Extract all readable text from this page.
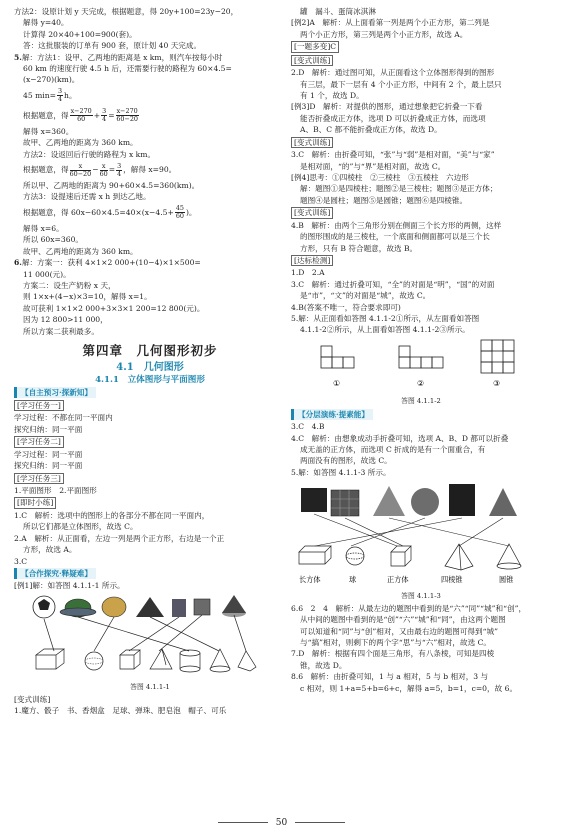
方法2：设原计划 y 天完成，根据题意，得 20y+100=23y−20，
解得 y=40。
计算得 20×40+100=900(套)。
答：这批服装的订单有 900 套，原计划 40 天完成。
5.解：方法1：设甲、乙两地的距离是 x km，则汽车按每小时
60 km 的速度行驶 4.5 h 后，还需要行驶的路程为 60×4.5=
(x−270)(km)。
45 $\min= \frac{3}{4}$ h。
根据题意，得 $\frac{x-270}{60} + \frac{3}{4} = \frac{x-270}{60-20}$
解得 x=360。
故甲、乙两地的距离为 360 km。
方法2：设返回后行驶的路程为 x km。
根据题意，得 $\frac{x}{60-20} - \frac{x}{60} = \frac{3}{4}$ ，解得 x=90。
所以甲、乙两地的距离为 90+60×4.5=360(km)。
方法3：设提速后还需 x h 到达乙地。
根据题意，得 $60x-60\times 4.5=40\times(x-4.5+ \frac{45}{60}$ )。
解得 x=6。
所以 60x=360。
故甲、乙两地的距离为 360 km。
6.解：方案一：获利 4×1×2 000+(10−4)×1×500=
11 000(元)。
方案二：设生产奶粉 x 天，
则 1×x+(4−x)×3=10，解得 x=1。
故可获利 1×1×2 000+3×3×1 200=12 800(元)。
因为 12 800>11 000，
所以方案二获利最多。
第四章　几何图形初步
4.1　几何图形
4.1.1　立体图形与平面图形
【自主预习·探新知】
[学习任务一]
学习过程：不都在同一平面内
探究归纳：同一平面
[学习任务二]
学习过程：同一平面
探究归纳：同一平面
[学习任务三]
1.平面图形　2.平面图形
[即时小练]
1.C　解析：选项中的图形上的各部分不都在同一平面内，
所以它们都是立体图形，故选 C。
2.A　解析：从正面看，左边一列是两个正方形，右边是一个正
方形，故选 A。
3.C
【合作探究·释疑难】
[例1]解：如答图 4.1.1-1 所示。
答图 4.1.1-1
[变式训练]
1.魔方、骰子　书、香烟盒　足球、弹珠、肥皂泡　帽子、可乐
罐　漏斗、蛋筒冰淇淋
[例2]A　解析：从上面看第一列是两个小正方形，第二列是
两个小正方形，第三列是两个小正方形，故选 A。
[一题多变]C
[变式训练]
2.D　解析：通过图可知，从正面看这个立体图形得到的图形
有三层，最下一层有 4 个小正方形，中间有 2 个，最上层只
有 1 个，故选 D。
[例3]D　解析：对提供的图形，通过想象把它折叠一下看
能否折叠成正方体，选项 D 可以折叠成正方体，而选项
A、B、C 都不能折叠成正方体，故选 D。
[变式训练]
3.C　解析：由折叠可知，“张”与“弱”是相对面，“美”与“家”
是相对面，“的”与“界”是相对面，故选 C。
[例4]思考：①四棱柱　②三棱柱　③五棱柱　六边形
解：题图①是四棱柱；题图②是三棱柱；题图③是正方体；
题图④是圆柱；题图⑤是圆锥；题图⑥是四棱锥。
[变式训练]
4.B　解析：由两个三角形分别在侧面三个长方形的两侧，这样
的图形围成的是三棱柱，一个底面和侧面都可以是三个长
方形，只有 B 符合题意，故选 B。
[达标检测]
1.D　2.A
3.C　解析：通过折叠可知，“全”的对面是“明”，“国”的对面
是“市”，“文”的对面是“城”，故选 C。
4.B(答案不唯一，符合要求即可)
5.解：从正面看如答图 4.1.1-2①所示，从左面看如答图
4.1.1-2②所示，从上面看如答图 4.1.1-2③所示。
①	②	③
答图 4.1.1-2
【分层演练·提素能】
3.C　4.B
4.C　解析：由想象成动手折叠可知，选项 A、B、D 都可以折叠
成无盖的正方体，而选项 C 折成的是有一个面重合，有
两面没有的图形，故选 C。
5.解：如答图 4.1.1-3 所示。
长方体	球	正方体	四棱锥	圆锥
答图 4.1.1-3
6.6　2　4　解析：从最左边的题图中看到的是“六”“同”“城”和“创”，
从中间的题图中看到的是“创”“六”“城”和“同”，由这两个题图
可以知道和“同”与“创”相对，又由最右边的题图可得到“城”
与“搞”相对，则剩下的两个字“思”与“六”相对，故选 C。
7.D　解析：根据有四个面是三角形，有八条棱，可知是四棱
锥，故选 D。
8.6　解析：由折叠可知，1 与 a 相对，5 与 b 相对，3 与
c 相对，则 1+a=5+b=6+c，解得 a=5，b=1，c=0，故 6。
50
